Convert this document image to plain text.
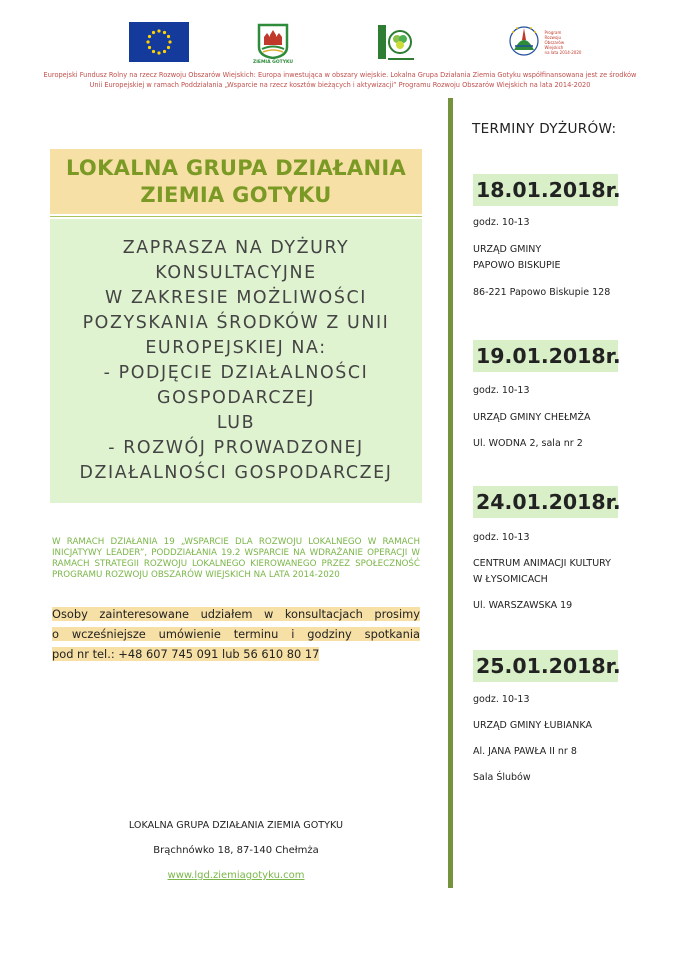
ZIEMIA GOTYKU
Program
Rozwoju
Obszarów
Wiejskich
na lata 2014-2020
Europejski Fundusz Rolny na rzecz Rozwoju Obszarów Wiejskich: Europa inwestująca w obszary wiejskie. Lokalna Grupa Działania Ziemia Gotyku współfinansowana jest ze środków
Unii Europejskiej w ramach Poddziałania „Wsparcie na rzecz kosztów bieżących i aktywizacji” Programu Rozwoju Obszarów Wiejskich na lata 2014-2020
LOKALNA GRUPA DZIAŁANIA
ZIEMIA GOTYKU
ZAPRASZA NA DYŻURY
KONSULTACYJNE
W ZAKRESIE MOŻLIWOŚCI
POZYSKANIA ŚRODKÓW Z UNII
EUROPEJSKIEJ NA:
- PODJĘCIE DZIAŁALNOŚCI
GOSPODARCZEJ
LUB
- ROZWÓJ PROWADZONEJ
DZIAŁALNOŚCI GOSPODARCZEJ
W RAMACH DZIAŁANIA 19 „WSPARCIE DLA ROZWOJU LOKALNEGO W RAMACH INICJATYWY LEADER”, PODDZIAŁANIA 19.2 WSPARCIE NA WDRAŻANIE OPERACJI W RAMACH STRATEGII ROZWOJU LOKALNEGO KIEROWANEGO PRZEZ SPOŁECZNOŚĆ PROGRAMU ROZWOJU OBSZARÓW WIEJSKICH NA LATA 2014-2020
Osoby zainteresowane udziałem w konsultacjach prosimy
o wcześniejsze umówienie terminu i godziny spotkania
pod nr tel.: +48 607 745 091 lub 56 610 80 17
LOKALNA GRUPA DZIAŁANIA ZIEMIA GOTYKU
Brąchnówko 18, 87-140 Chełmża
www.lgd.ziemiagotyku.com
TERMINY DYŻURÓW:
18.01.2018r.
godz. 10-13
URZĄD GMINY
PAPOWO BISKUPIE
86-221 Papowo Biskupie 128
19.01.2018r.
godz. 10-13
URZĄD GMINY CHEŁMŻA
Ul. WODNA 2, sala nr 2
24.01.2018r.
godz. 10-13
CENTRUM ANIMACJI KULTURY
W ŁYSOMICACH
Ul. WARSZAWSKA 19
25.01.2018r.
godz. 10-13
URZĄD GMINY ŁUBIANKA
Al. JANA PAWŁA II nr 8
Sala Ślubów
